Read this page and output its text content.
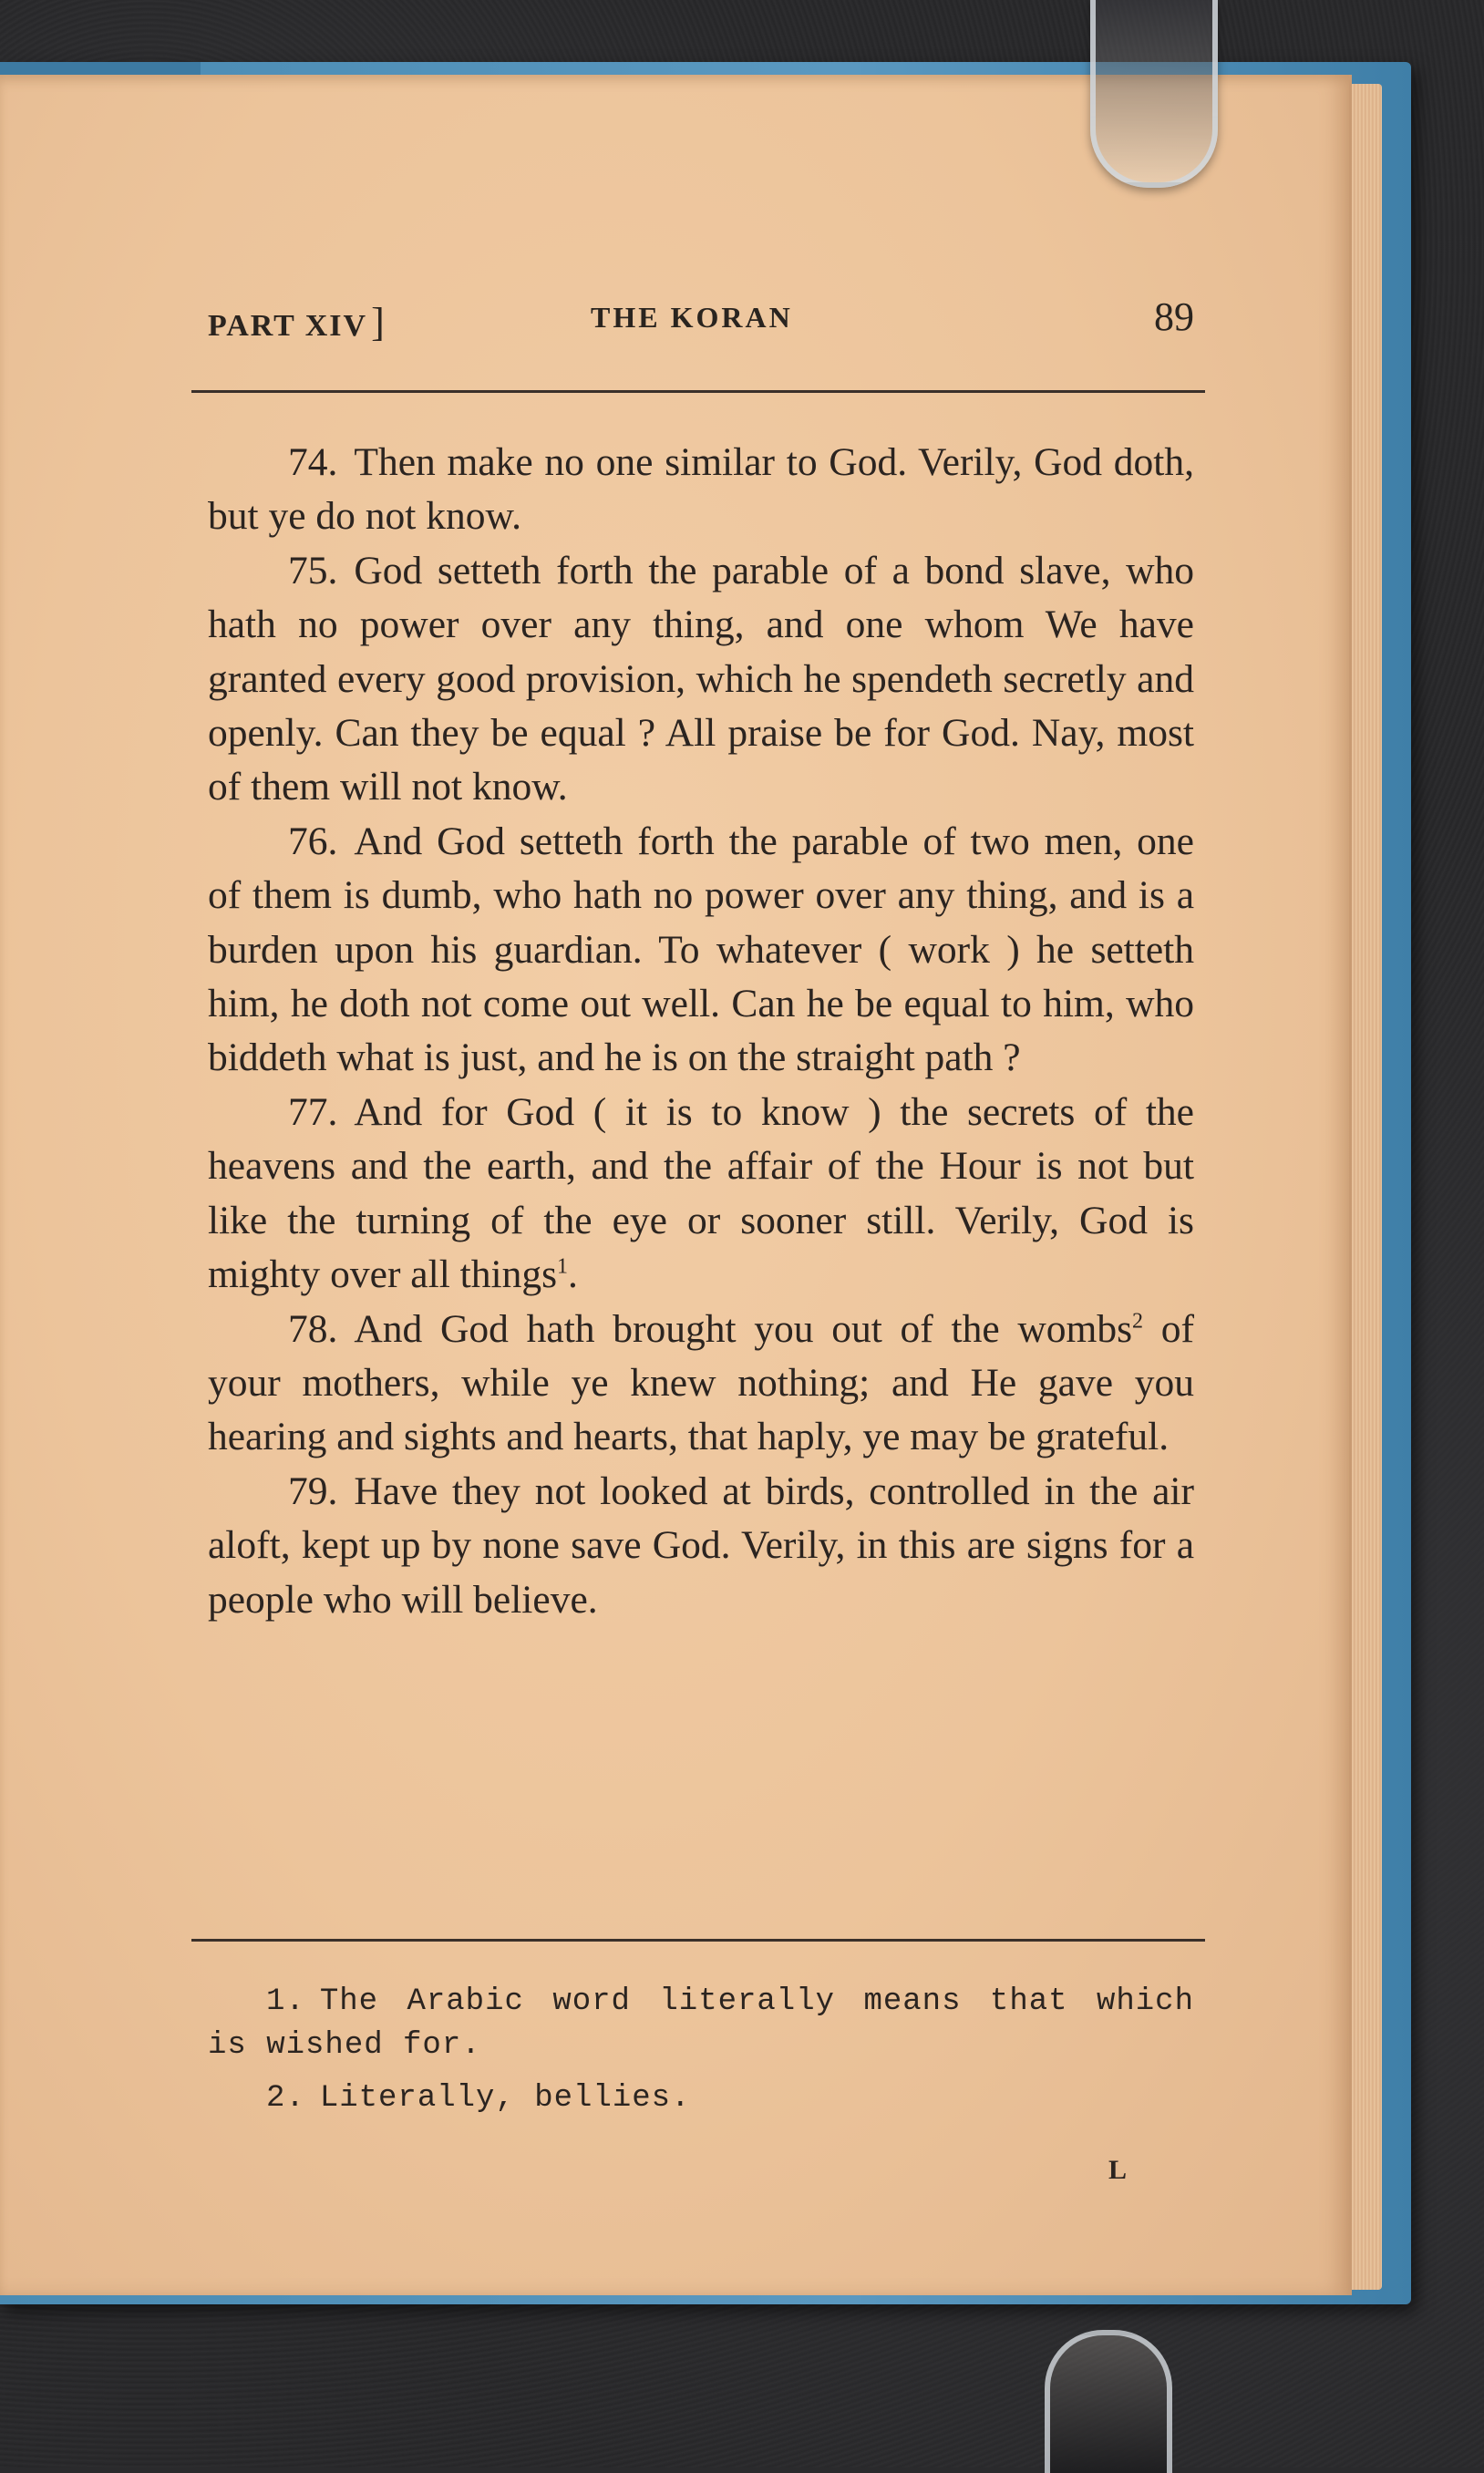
PART XIV]	THE KORAN	89

74. Then make no one similar to God. Verily, God doth, but ye do not know.

75. God setteth forth the parable of a bond slave, who hath no power over any thing, and one whom We have granted every good provision, which he spendeth secretly and openly. Can they be equal ? All praise be for God. Nay, most of them will not know.

76. And God setteth forth the parable of two men, one of them is dumb, who hath no power over any thing, and is a burden upon his guardian. To whatever ( work ) he setteth him, he doth not come out well. Can he be equal to him, who biddeth what is just, and he is on the straight path ?

77. And for God ( it is to know ) the secrets of the heavens and the earth, and the affair of the Hour is not but like the turning of the eye or sooner still. Verily, God is mighty over all things$^1$.

78. And God hath brought you out of the wombs$^2$ of your mothers, while ye knew nothing; and He gave you hearing and sights and hearts, that haply, ye may be grateful.

79. Have they not looked at birds, controlled in the air aloft, kept up by none save God. Verily, in this are signs for a people who will believe.

1. The Arabic word literally means that which is wished for.

2. Literally, bellies.

L
